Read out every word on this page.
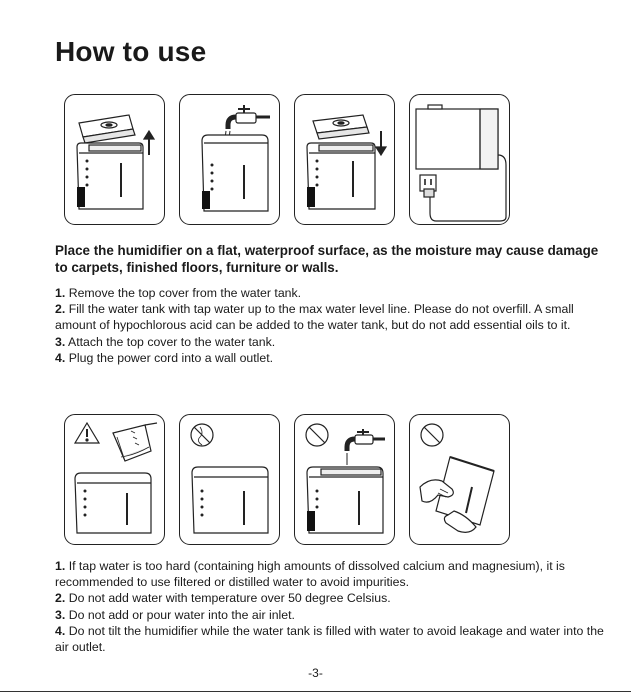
How to use

Place the humidifier on a flat, waterproof surface, as the moisture may cause damage to carpets, finished floors, furniture or walls.

1. Remove the top cover from the water tank.

2. Fill the water tank with tap water up to the max water level line. Please do not overfill. A small amount of hypochlorous acid can be added to the water tank, but do not add essential oils to it.

3. Attach the top cover to the water tank.

4. Plug the power cord into a wall outlet.

1. If tap water is too hard (containing high amounts of dissolved calcium and magnesium), it is recommended to use filtered or distilled water to avoid impurities.

2. Do not add water with temperature over 50 degree Celsius.

3. Do not add or pour water into the air inlet.

4. Do not tilt the humidifier while the water tank is filled with water to avoid leakage and water into the air outlet.

-3-
